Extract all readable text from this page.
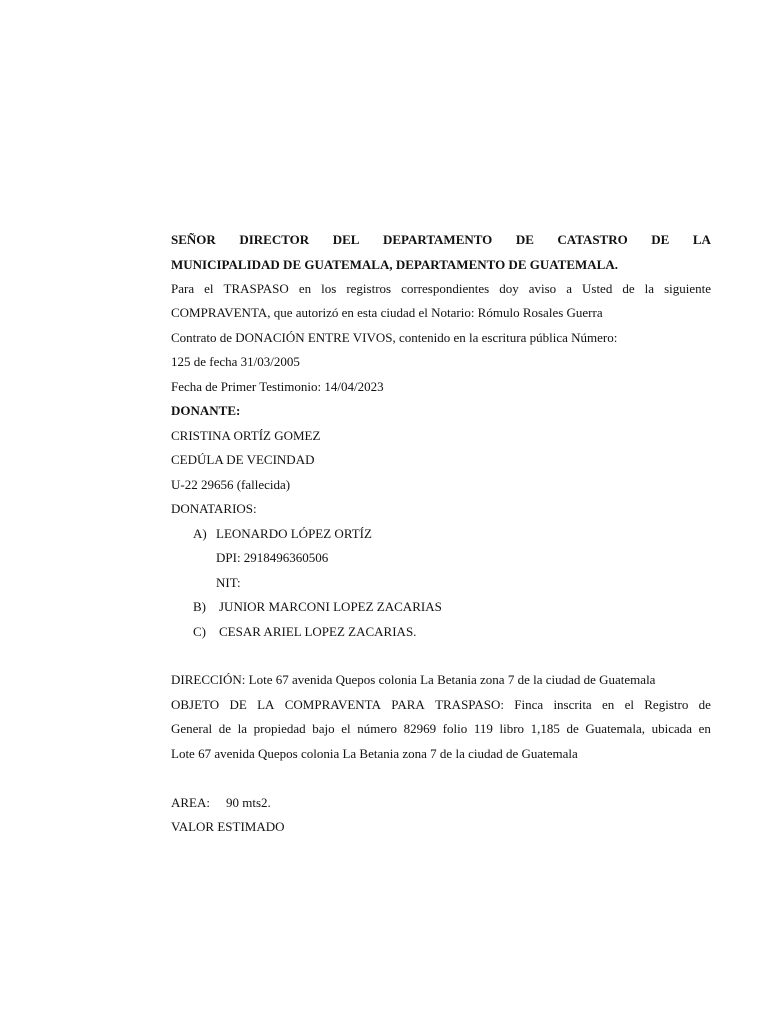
SEÑOR DIRECTOR DEL DEPARTAMENTO DE CATASTRO DE LA
MUNICIPALIDAD DE GUATEMALA, DEPARTAMENTO DE GUATEMALA.
Para el TRASPASO en los registros correspondientes doy aviso a Usted de la siguiente
COMPRAVENTA, que autorizó en esta ciudad el Notario: Rómulo Rosales Guerra
Contrato de DONACIÓN ENTRE VIVOS, contenido en la escritura pública Número:
125 de fecha 31/03/2005
Fecha de Primer Testimonio: 14/04/2023
DONANTE:
CRISTINA ORTÍZ GOMEZ
CEDÚLA DE VECINDAD
U-22 29656 (fallecida)
DONATARIOS:
A) LEONARDO LÓPEZ ORTÍZ
DPI: 2918496360506
NIT:
B) JUNIOR MARCONI LOPEZ ZACARIAS
C) CESAR ARIEL LOPEZ ZACARIAS.
DIRECCIÓN: Lote 67 avenida Quepos colonia La Betania zona 7 de la ciudad de Guatemala
OBJETO DE LA COMPRAVENTA PARA TRASPASO: Finca inscrita en el Registro de
General de la propiedad bajo el número 82969 folio 119 libro 1,185 de Guatemala, ubicada en
Lote 67 avenida Quepos colonia La Betania zona 7 de la ciudad de Guatemala
AREA: 90 mts2.
VALOR ESTIMADO
